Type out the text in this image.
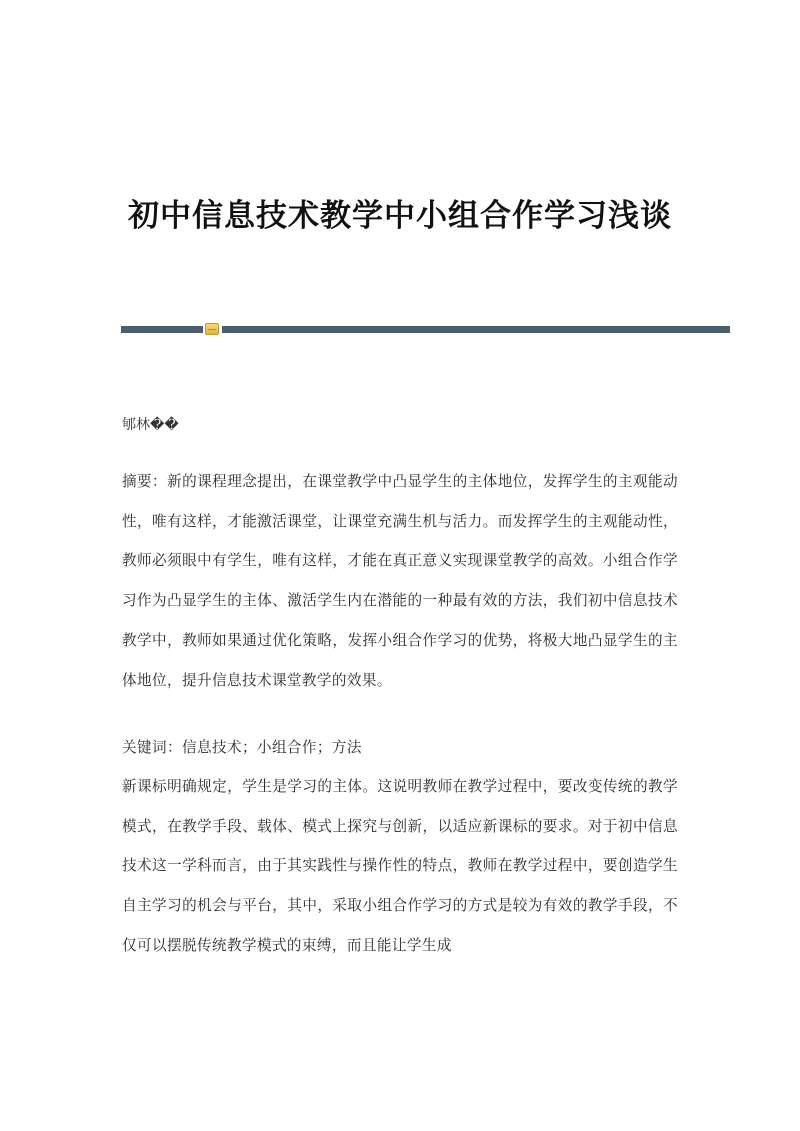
初中信息技术教学中小组合作学习浅谈

郇林��

摘要：新的课程理念提出，在课堂教学中凸显学生的主体地位，发挥学生的主观能动性，唯有这样，才能激活课堂，让课堂充满生机与活力。而发挥学生的主观能动性，教师必须眼中有学生，唯有这样，才能在真正意义实现课堂教学的高效。小组合作学习作为凸显学生的主体、激活学生内在潜能的一种最有效的方法，我们初中信息技术教学中，教师如果通过优化策略，发挥小组合作学习的优势，将极大地凸显学生的主体地位，提升信息技术课堂教学的效果。

关键词：信息技术；小组合作；方法

新课标明确规定，学生是学习的主体。这说明教师在教学过程中，要改变传统的教学模式，在教学手段、载体、模式上探究与创新，以适应新课标的要求。对于初中信息技术这一学科而言，由于其实践性与操作性的特点，教师在教学过程中，要创造学生自主学习的机会与平台，其中，采取小组合作学习的方式是较为有效的教学手段，不仅可以摆脱传统教学模式的束缚，而且能让学生成
